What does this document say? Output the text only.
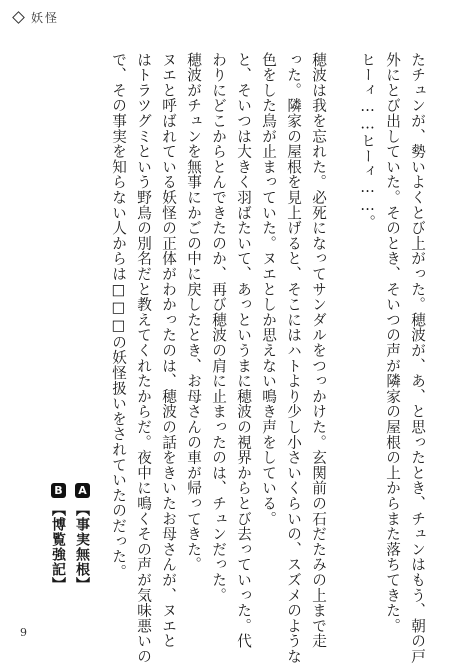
妖怪
たチュンが、勢いよくとび上がった。穂波が、あ、と思ったとき、チュンはもう、朝の戸
外にとび出していた。そのとき、そいつの声が隣家の屋根の上からまた落ちてきた。
ヒーィ……ヒーィ……。
穂波は我を忘れた。必死になってサンダルをつっかけた。玄関前の石だたみの上まで走
った。隣家の屋根を見上げると、そこにはハトより少し小さいくらいの、スズメのような
色をした鳥が止まっていた。ヌエとしか思えない鳴き声をしている。
と、そいつは大きく羽ばたいて、あっというまに穂波の視界からとび去っていった。代
わりにどこからとんできたのか、再び穂波の肩に止まったのは、チュンだった。
穂波がチュンを無事にかごの中に戻したとき、お母さんの車が帰ってきた。
ヌエと呼ばれている妖怪の正体がわかったのは、穂波の話をきいたお母さんが、ヌエと
はトラツグミという野鳥の別名だと教えてくれたからだ。夜中に鳴くその声が気味悪いの
で、その事実を知らない人からは□□□の妖怪扱いをされていたのだった。
A【事実無根】
B【博覧強記】
9
